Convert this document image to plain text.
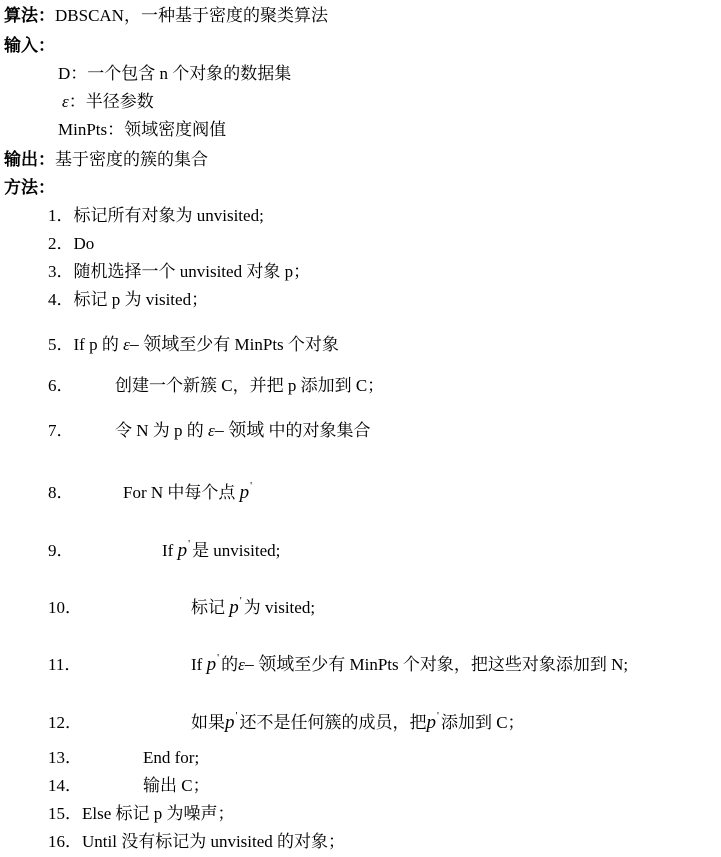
算法：DBSCAN，一种基于密度的聚类算法
输入：
D：一个包含 n 个对象的数据集
ε：半径参数
MinPts：领域密度阀值
输出：基于密度的簇的集合
方法：
1．标记所有对象为 unvisited;
2．Do
3．随机选择一个 unvisited 对象 p；
4．标记 p 为 visited；
5．If p 的 ε– 领域至少有 MinPts 个对象
6． 创建一个新簇 C，并把 p 添加到 C；
7． 令 N 为 p 的 ε– 领域 中的对象集合
8．	For N 中每个点 p'
9．	If p' 是 unvisited;
10．	标记 p' 为 visited;
11．	If p' 的ε– 领域至少有 MinPts 个对象，把这些对象添加到 N;
12．	如果p' 还不是任何簇的成员，把p' 添加到 C；
13．	End for;
14．	输出 C；
15．Else 标记 p 为噪声；
16．Until 没有标记为 unvisited 的对象；
